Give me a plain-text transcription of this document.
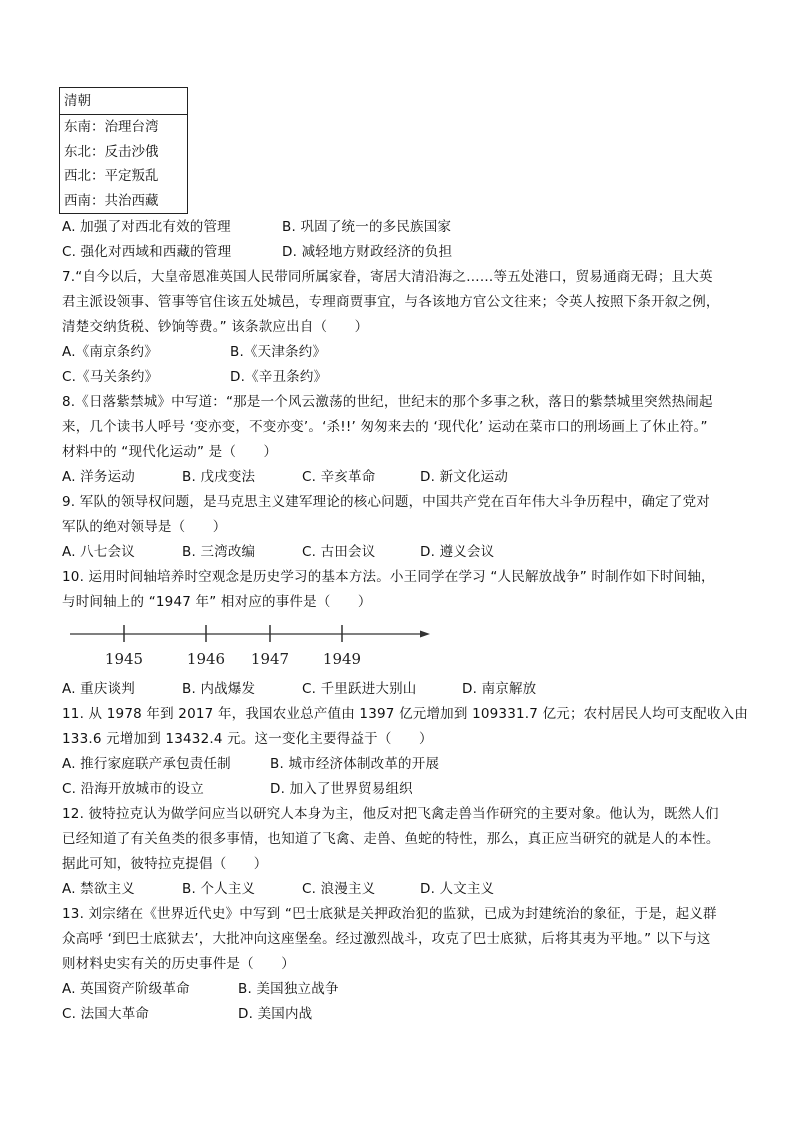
清朝
东南：治理台湾
东北：反击沙俄
西北：平定叛乱
西南：共治西藏
A. 加强了对西北有效的管理	B. 巩固了统一的多民族国家
C. 强化对西域和西藏的管理	D. 减轻地方财政经济的负担
7.“自今以后，大皇帝恩准英国人民带同所属家眷，寄居大清沿海之……等五处港口，贸易通商无碍；且大英
君主派设领事、管事等官住该五处城邑，专理商贾事宜，与各该地方官公文往来；令英人按照下条开叙之例，
清楚交纳货税、钞饷等费。” 该条款应出自（　　）
A.《南京条约》	B.《天津条约》
C.《马关条约》	D.《辛丑条约》
8.《日落紫禁城》中写道：“那是一个风云激荡的世纪，世纪末的那个多事之秋，落日的紫禁城里突然热闹起
来，几个读书人呼号 ‘变亦变，不变亦变’。‘杀!!’ 匆匆来去的 ‘现代化’ 运动在菜市口的刑场画上了休止符。”
材料中的 “现代化运动” 是（　　）
A. 洋务运动	B. 戊戌变法	C. 辛亥革命	D. 新文化运动
9. 军队的领导权问题，是马克思主义建军理论的核心问题，中国共产党在百年伟大斗争历程中，确定了党对
军队的绝对领导是（　　）
A. 八七会议	B. 三湾改编	C. 古田会议	D. 遵义会议
10. 运用时间轴培养时空观念是历史学习的基本方法。小王同学在学习 “人民解放战争” 时制作如下时间轴，
与时间轴上的 “1947 年” 相对应的事件是（　　）
1945	1946 1947 1949
A. 重庆谈判	B. 内战爆发	C. 千里跃进大别山	D. 南京解放
11. 从 1978 年到 2017 年，我国农业总产值由 1397 亿元增加到 109331.7 亿元；农村居民人均可支配收入由
133.6 元增加到 13432.4 元。这一变化主要得益于（　　）
A. 推行家庭联产承包责任制	B. 城市经济体制改革的开展
C. 沿海开放城市的设立	D. 加入了世界贸易组织
12. 彼特拉克认为做学问应当以研究人本身为主，他反对把飞禽走兽当作研究的主要对象。他认为，既然人们
已经知道了有关鱼类的很多事情，也知道了飞禽、走兽、鱼蛇的特性，那么，真正应当研究的就是人的本性。
据此可知，彼特拉克提倡（　　）
A. 禁欲主义	B. 个人主义	C. 浪漫主义	D. 人文主义
13. 刘宗绪在《世界近代史》中写到 “巴士底狱是关押政治犯的监狱，已成为封建统治的象征，于是，起义群
众高呼 ‘到巴士底狱去’，大批冲向这座堡垒。经过激烈战斗，攻克了巴士底狱，后将其夷为平地。” 以下与这
则材料史实有关的历史事件是（　　）
A. 英国资产阶级革命	B. 美国独立战争
C. 法国大革命	D. 美国内战
